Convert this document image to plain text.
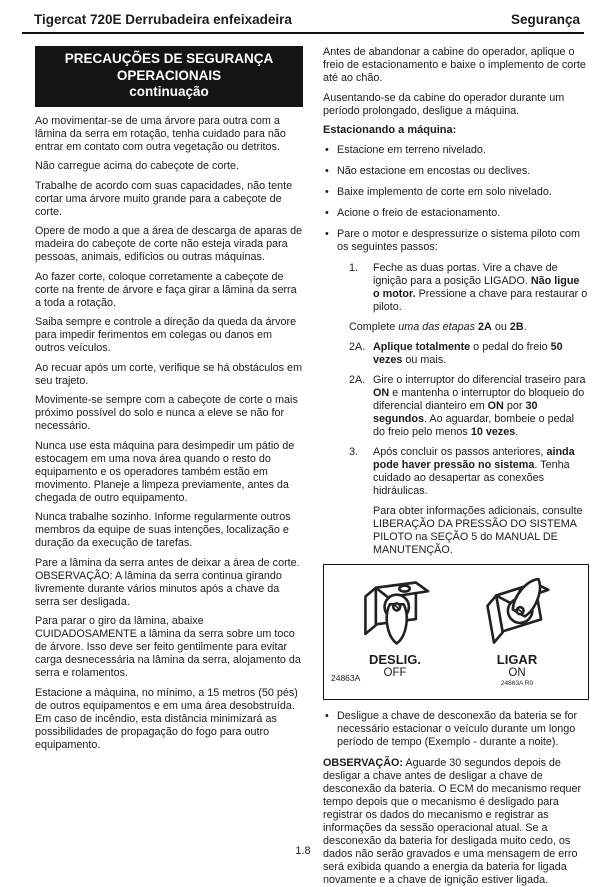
Tigercat 720E Derrubadeira enfeixadeira	Segurança
PRECAUÇÕES DE SEGURANÇA
OPERACIONAIS
continuação

Ao movimentar-se de uma árvore para outra com a lâmina da serra em rotação, tenha cuidado para não entrar em contato com outra vegetação ou detritos.

Não carregue acima do cabeçote de corte.

Trabalhe de acordo com suas capacidades, não tente cortar uma árvore muito grande para a cabeçote de corte.

Opere de modo a que a área de descarga de aparas de madeira do cabeçote de corte não esteja virada para pessoas, animais, edifícios ou outras máquinas.

Ao fazer corte, coloque corretamente a cabeçote de corte na frente de árvore e faça girar a lâmina da serra a toda a rotação.

Saiba sempre e controle a direção da queda da árvore para impedir ferimentos em colegas ou danos em outros veículos.

Ao recuar após um corte, verifique se há obstáculos em seu trajeto.

Movimente-se sempre com a cabeçote de corte o mais próximo possível do solo e nunca a eleve se não for necessário.

Nunca use esta máquina para desimpedir um pátio de estocagem em uma nova área quando o resto do equipamento e os operadores também estão em movimento. Planeje a limpeza previamente, antes da chegada de outro equipamento.

Nunca trabalhe sozinho. Informe regularmente outros membros da equipe de suas intenções, localização e duração da execução de tarefas.

Pare a lâmina da serra antes de deixar a área de corte. OBSERVAÇÃO: A lâmina da serra continua girando livremente durante vários minutos após a chave da serra ser desligada.

Para parar o giro da lâmina, abaixe CUIDADOSAMENTE a lâmina da serra sobre um toco de árvore. Isso deve ser feito gentilmente para evitar carga desnecessária na lâmina da serra, alojamento da serra e rolamentos.

Estacione a máquina, no mínimo, a 15 metros (50 pés) de outros equipamentos e em uma área desobstruída. Em caso de incêndio, esta distância minimizará as possibilidades de propagação do fogo para outro equipamento.

Antes de abandonar a cabine do operador, aplique o freio de estacionamento e baixe o implemento de corte até ao chão.

Ausentando-se da cabine do operador durante um período prolongado, desligue a máquina.

Estacionando a máquina:
• Estacione em terreno nivelado.
• Não estacione em encostas ou declives.
• Baixe implemento de corte em solo nivelado.
• Acione o freio de estacionamento.
• Pare o motor e despressurize o sistema piloto com os seguintes passos:
1.	Feche as duas portas. Vire a chave de ignição para a posição LIGADO. Não ligue o motor. Pressione a chave para restaurar o piloto.
Complete uma das etapas 2A ou 2B.
2A. Aplique totalmente o pedal do freio 50 vezes ou mais.
2A. Gire o interruptor do diferencial traseiro para ON e mantenha o interruptor do bloqueio do diferencial dianteiro em ON por 30 segundos. Ao aguardar, bombeie o pedal do freio pelo menos 10 vezes.
3.	Após concluir os passos anteriores, ainda pode haver pressão no sistema. Tenha cuidado ao desapertar as conexões hidráulicas.
Para obter informações adicionais, consulte LIBERAÇÃO DA PRESSÃO DO SISTEMA PILOTO na SEÇÃO 5 do MANUAL DE MANUTENÇÃO.
DESLIG.
OFF
LIGAR
ON
24863A R0
24863A
• Desligue a chave de desconexão da bateria se for necessário estacionar o veículo durante um longo período de tempo (Exemplo - durante a noite).

OBSERVAÇÃO: Aguarde 30 segundos depois de desligar a chave antes de desligar a chave de desconexão da bateria. O ECM do mecanismo requer tempo depois que o mecanismo é desligado para registrar os dados do mecanismo e registrar as informações da sessão operacional atual. Se a desconexão da bateria for desligada muito cedo, os dados não serão gravados e uma mensagem de erro será exibida quando a energia da bateria for ligada novamente e a chave de ignição estiver ligada.

1.8
